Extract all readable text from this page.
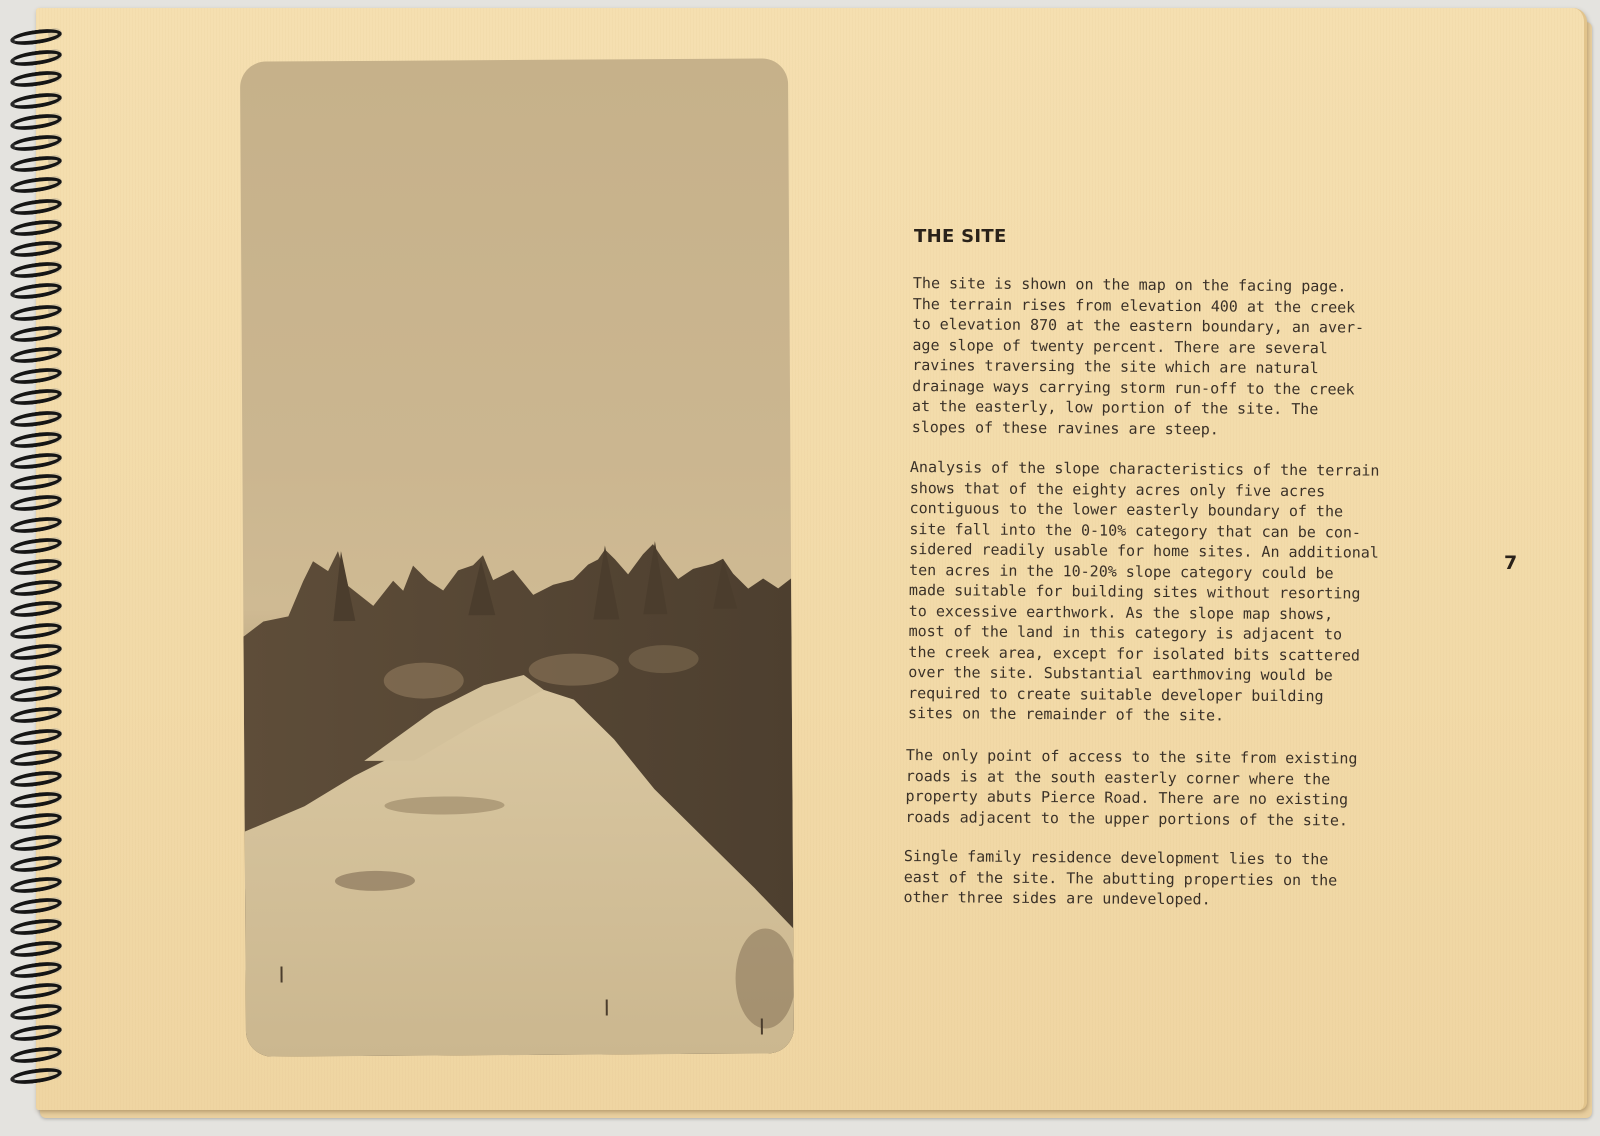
THE SITE
The site is shown on the map on the facing page.
The terrain rises from elevation 400 at the creek
to elevation 870 at the eastern boundary, an aver-
age slope of twenty percent. There are several
ravines traversing the site which are natural
drainage ways carrying storm run-off to the creek
at the easterly, low portion of the site. The
slopes of these ravines are steep.
Analysis of the slope characteristics of the terrain
shows that of the eighty acres only five acres
contiguous to the lower easterly boundary of the
site fall into the 0-10% category that can be con-
sidered readily usable for home sites. An additional
ten acres in the 10-20% slope category could be
made suitable for building sites without resorting
to excessive earthwork. As the slope map shows,
most of the land in this category is adjacent to
the creek area, except for isolated bits scattered
over the site. Substantial earthmoving would be
required to create suitable developer building
sites on the remainder of the site.
The only point of access to the site from existing
roads is at the south easterly corner where the
property abuts Pierce Road. There are no existing
roads adjacent to the upper portions of the site.
Single family residence development lies to the
east of the site. The abutting properties on the
other three sides are undeveloped.
7
